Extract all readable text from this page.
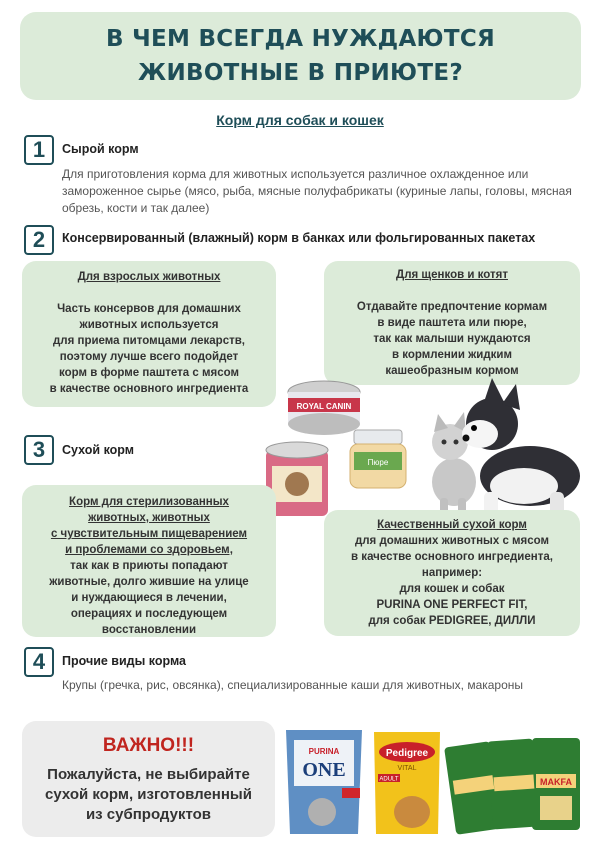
В ЧЕМ ВСЕГДА НУЖДАЮТСЯ
ЖИВОТНЫЕ В ПРИЮТЕ?
Корм для собак и кошек
1	Сырой корм
Для приготовления корма для животных используется различное охлажденное или замороженное сырье (мясо, рыба, мясные полуфабрикаты (куриные лапы, головы, мясная обрезь, кости и так далее)
2	Консервированный (влажный) корм в банках или фольгированных пакетах
Для взрослых животных
Часть консервов для домашних
животных используется
для приема питомцами лекарств,
поэтому лучше всего подойдет
корм в форме паштета с мясом
в качестве основного ингредиента
Для щенков и котят
Отдавайте предпочтение кормам
в виде паштета или пюре,
так как малыши нуждаются
в кормлении жидким
кашеобразным кормом
3	Сухой корм
ROYAL CANIN
Пюре
Корм для стерилизованных
животных, животных
с чувствительным пищеварением
и проблемами со здоровьем,
так как в приюты попадают
животные, долго жившие на улице
и нуждающиеся в лечении,
операциях и последующем
восстановлении
Качественный сухой корм
для домашних животных с мясом
в качестве основного ингредиента,
например:
для кошек и собак
PURINA ONE PERFECT FIT,
для собак PEDIGREE, ДИЛЛИ
4	Прочие виды корма
Крупы (гречка, рис, овсянка), специализированные каши для животных, макароны
ВАЖНО!!!
Пожалуйста, не выбирайте
сухой корм, изготовленный
из субпродуктов
PURINA
ONE
Pedigree
VITAL
ADULT	MAKFA
